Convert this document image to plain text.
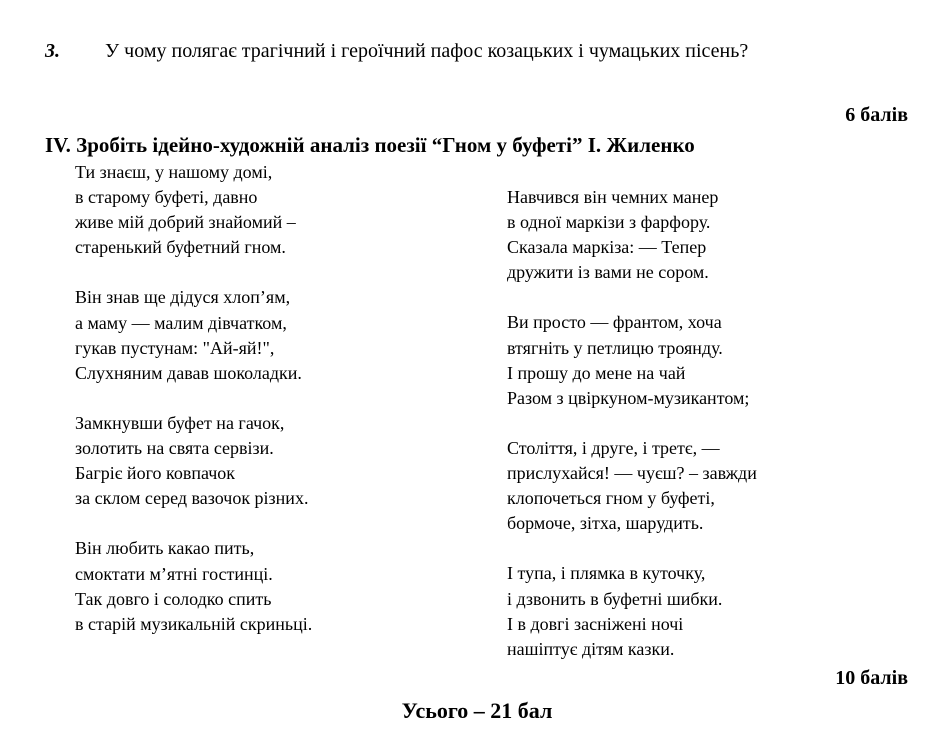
3. У чому полягає трагічний і героїчний пафос козацьких і чумацьких пісень?
6 балів
IV. Зробіть ідейно-художній аналіз поезії “Гном у буфеті” І. Жиленко
Ти знаєш, у нашому домі,
в старому буфеті, давно
живе мій добрий знайомий –
старенький буфетний гном.
Він знав ще дідуся хлоп’ям,
а маму — малим дівчатком,
гукав пустунам: "Ай-яй!",
Слухняним давав шоколадки.
Замкнувши буфет на гачок,
золотить на свята сервізи.
Багріє його ковпачок
за склом серед вазочок різних.
Він любить какао пить,
смоктати м’ятні гостинці.
Так довго і солодко спить
в старій музикальній скриньці.
Навчився він чемних манер
в одної маркізи з фарфору.
Сказала маркіза: — Тепер
дружити із вами не сором.
Ви просто — франтом, хоча
втягніть у петлицю троянду.
І прошу до мене на чай
Разом з цвіркуном-музикантом;
Століття, і друге, і третє, —
прислухайся! — чуєш? – завжди
клопочеться гном у буфеті,
бормоче, зітха, шарудить.
І тупа, і плямка в куточку,
і дзвонить в буфетні шибки.
І в довгі засніжені ночі
нашіптує дітям казки.
10 балів
Усього – 21 бал
